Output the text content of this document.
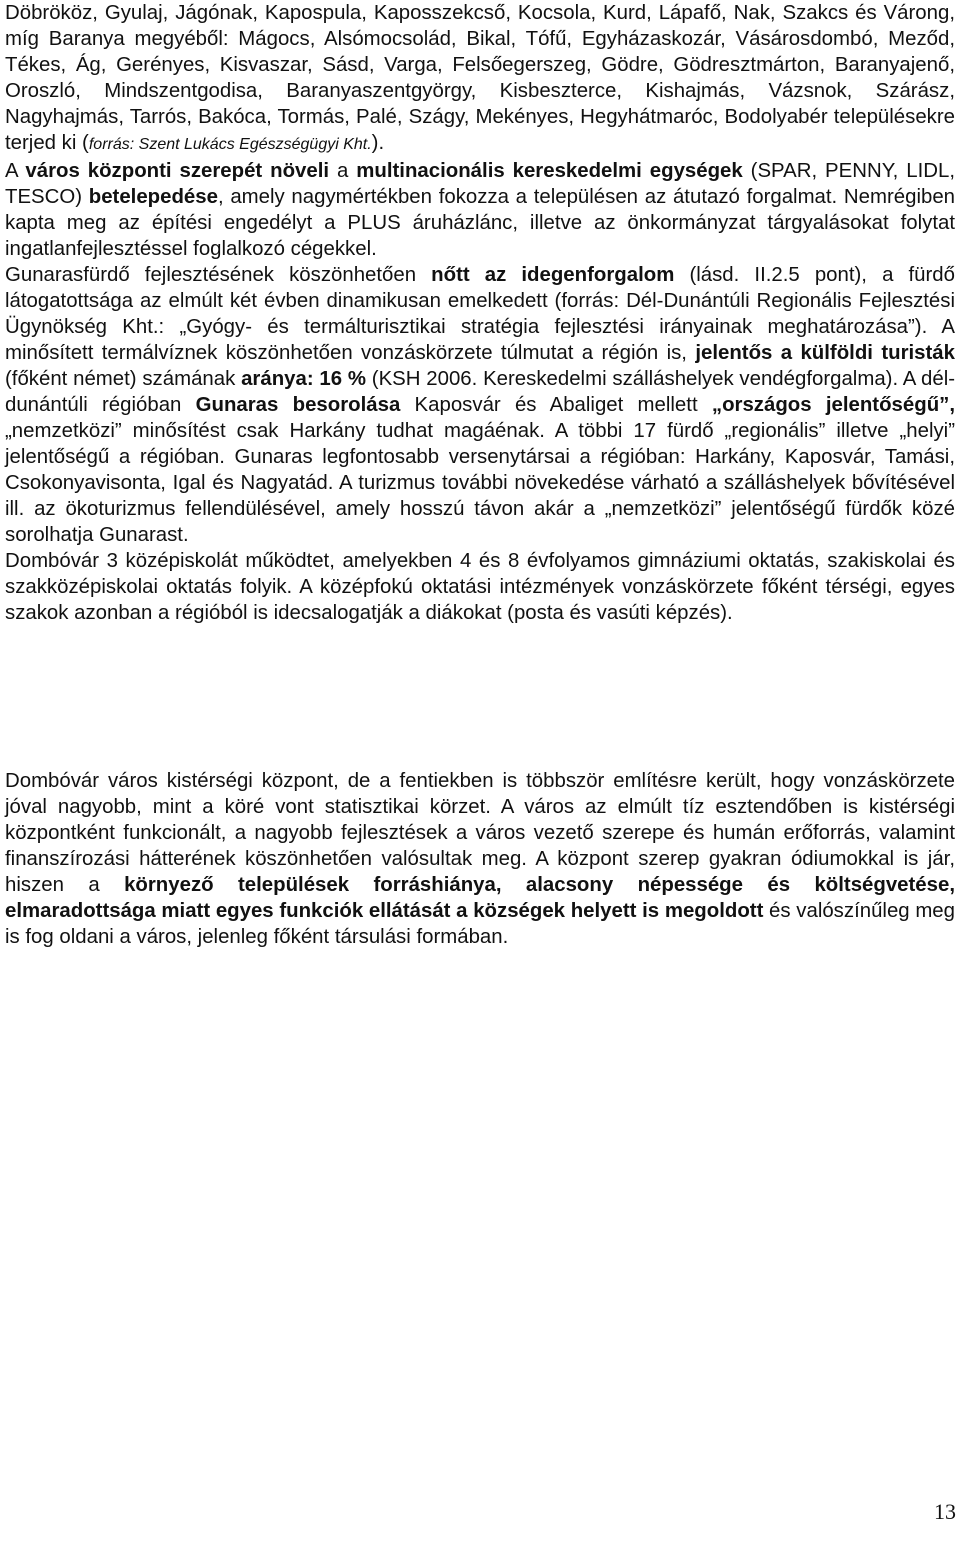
Döbrököz, Gyulaj, Jágónak, Kapospula, Kaposszekcső, Kocsola, Kurd, Lápafő, Nak, Szakcs és Várong, míg Baranya megyéből: Mágocs, Alsómocsolád, Bikal, Tófű, Egyházaskozár, Vásárosdombó, Meződ, Tékes, Ág, Gerényes, Kisvaszar, Sásd, Varga, Felsőegerszeg, Gödre, Gödresztmárton, Baranyajenő, Oroszló, Mindszentgodisa, Baranyaszentgyörgy, Kisbeszterce, Kishajmás, Vázsnok, Szárász, Nagyhajmás, Tarrós, Bakóca, Tormás, Palé, Szágy, Mekényes, Hegyhátmaróc, Bodolyabér településekre terjed ki (forrás: Szent Lukács Egészségügyi Kht.).
A város központi szerepét növeli a multinacionális kereskedelmi egységek (SPAR, PENNY, LIDL, TESCO) betelepedése, amely nagymértékben fokozza a településen az átutazó forgalmat. Nemrégiben kapta meg az építési engedélyt a PLUS áruházlánc, illetve az önkormányzat tárgyalásokat folytat ingatlanfejlesztéssel foglalkozó cégekkel.
Gunarasfürdő fejlesztésének köszönhetően nőtt az idegenforgalom (lásd. II.2.5 pont), a fürdő látogatottsága az elmúlt két évben dinamikusan emelkedett (forrás: Dél-Dunántúli Regionális Fejlesztési Ügynökség Kht.: „Gyógy- és termálturisztikai stratégia fejlesztési irányainak meghatározása”). A minősített termálvíznek köszönhetően vonzáskörzete túlmutat a régión is, jelentős a külföldi turisták (főként német) számának aránya: 16 % (KSH 2006. Kereskedelmi szálláshelyek vendégforgalma). A dél-dunántúli régióban Gunaras besorolása Kaposvár és Abaliget mellett „országos jelentőségű”, „nemzetközi” minősítést csak Harkány tudhat magáénak. A többi 17 fürdő „regionális” illetve „helyi” jelentőségű a régióban. Gunaras legfontosabb versenytársai a régióban: Harkány, Kaposvár, Tamási, Csokonyavisonta, Igal és Nagyatád. A turizmus további növekedése várható a szálláshelyek bővítésével ill. az ökoturizmus fellendülésével, amely hosszú távon akár a „nemzetközi” jelentőségű fürdők közé sorolhatja Gunarast.
Dombóvár 3 középiskolát működtet, amelyekben 4 és 8 évfolyamos gimnáziumi oktatás, szakiskolai és szakközépiskolai oktatás folyik. A középfokú oktatási intézmények vonzáskörzete főként térségi, egyes szakok azonban a régióból is idecsalogatják a diákokat (posta és vasúti képzés).
Dombóvár város kistérségi központ, de a fentiekben is többször említésre került, hogy vonzáskörzete jóval nagyobb, mint a köré vont statisztikai körzet. A város az elmúlt tíz esztendőben is kistérségi központként funkcionált, a nagyobb fejlesztések a város vezető szerepe és humán erőforrás, valamint finanszírozási hátterének köszönhetően valósultak meg. A központ szerep gyakran ódiumokkal is jár, hiszen a környező települések forráshiánya, alacsony népessége és költségvetése, elmaradottsága miatt egyes funkciók ellátását a községek helyett is megoldott és valószínűleg meg is fog oldani a város, jelenleg főként társulási formában.
13
